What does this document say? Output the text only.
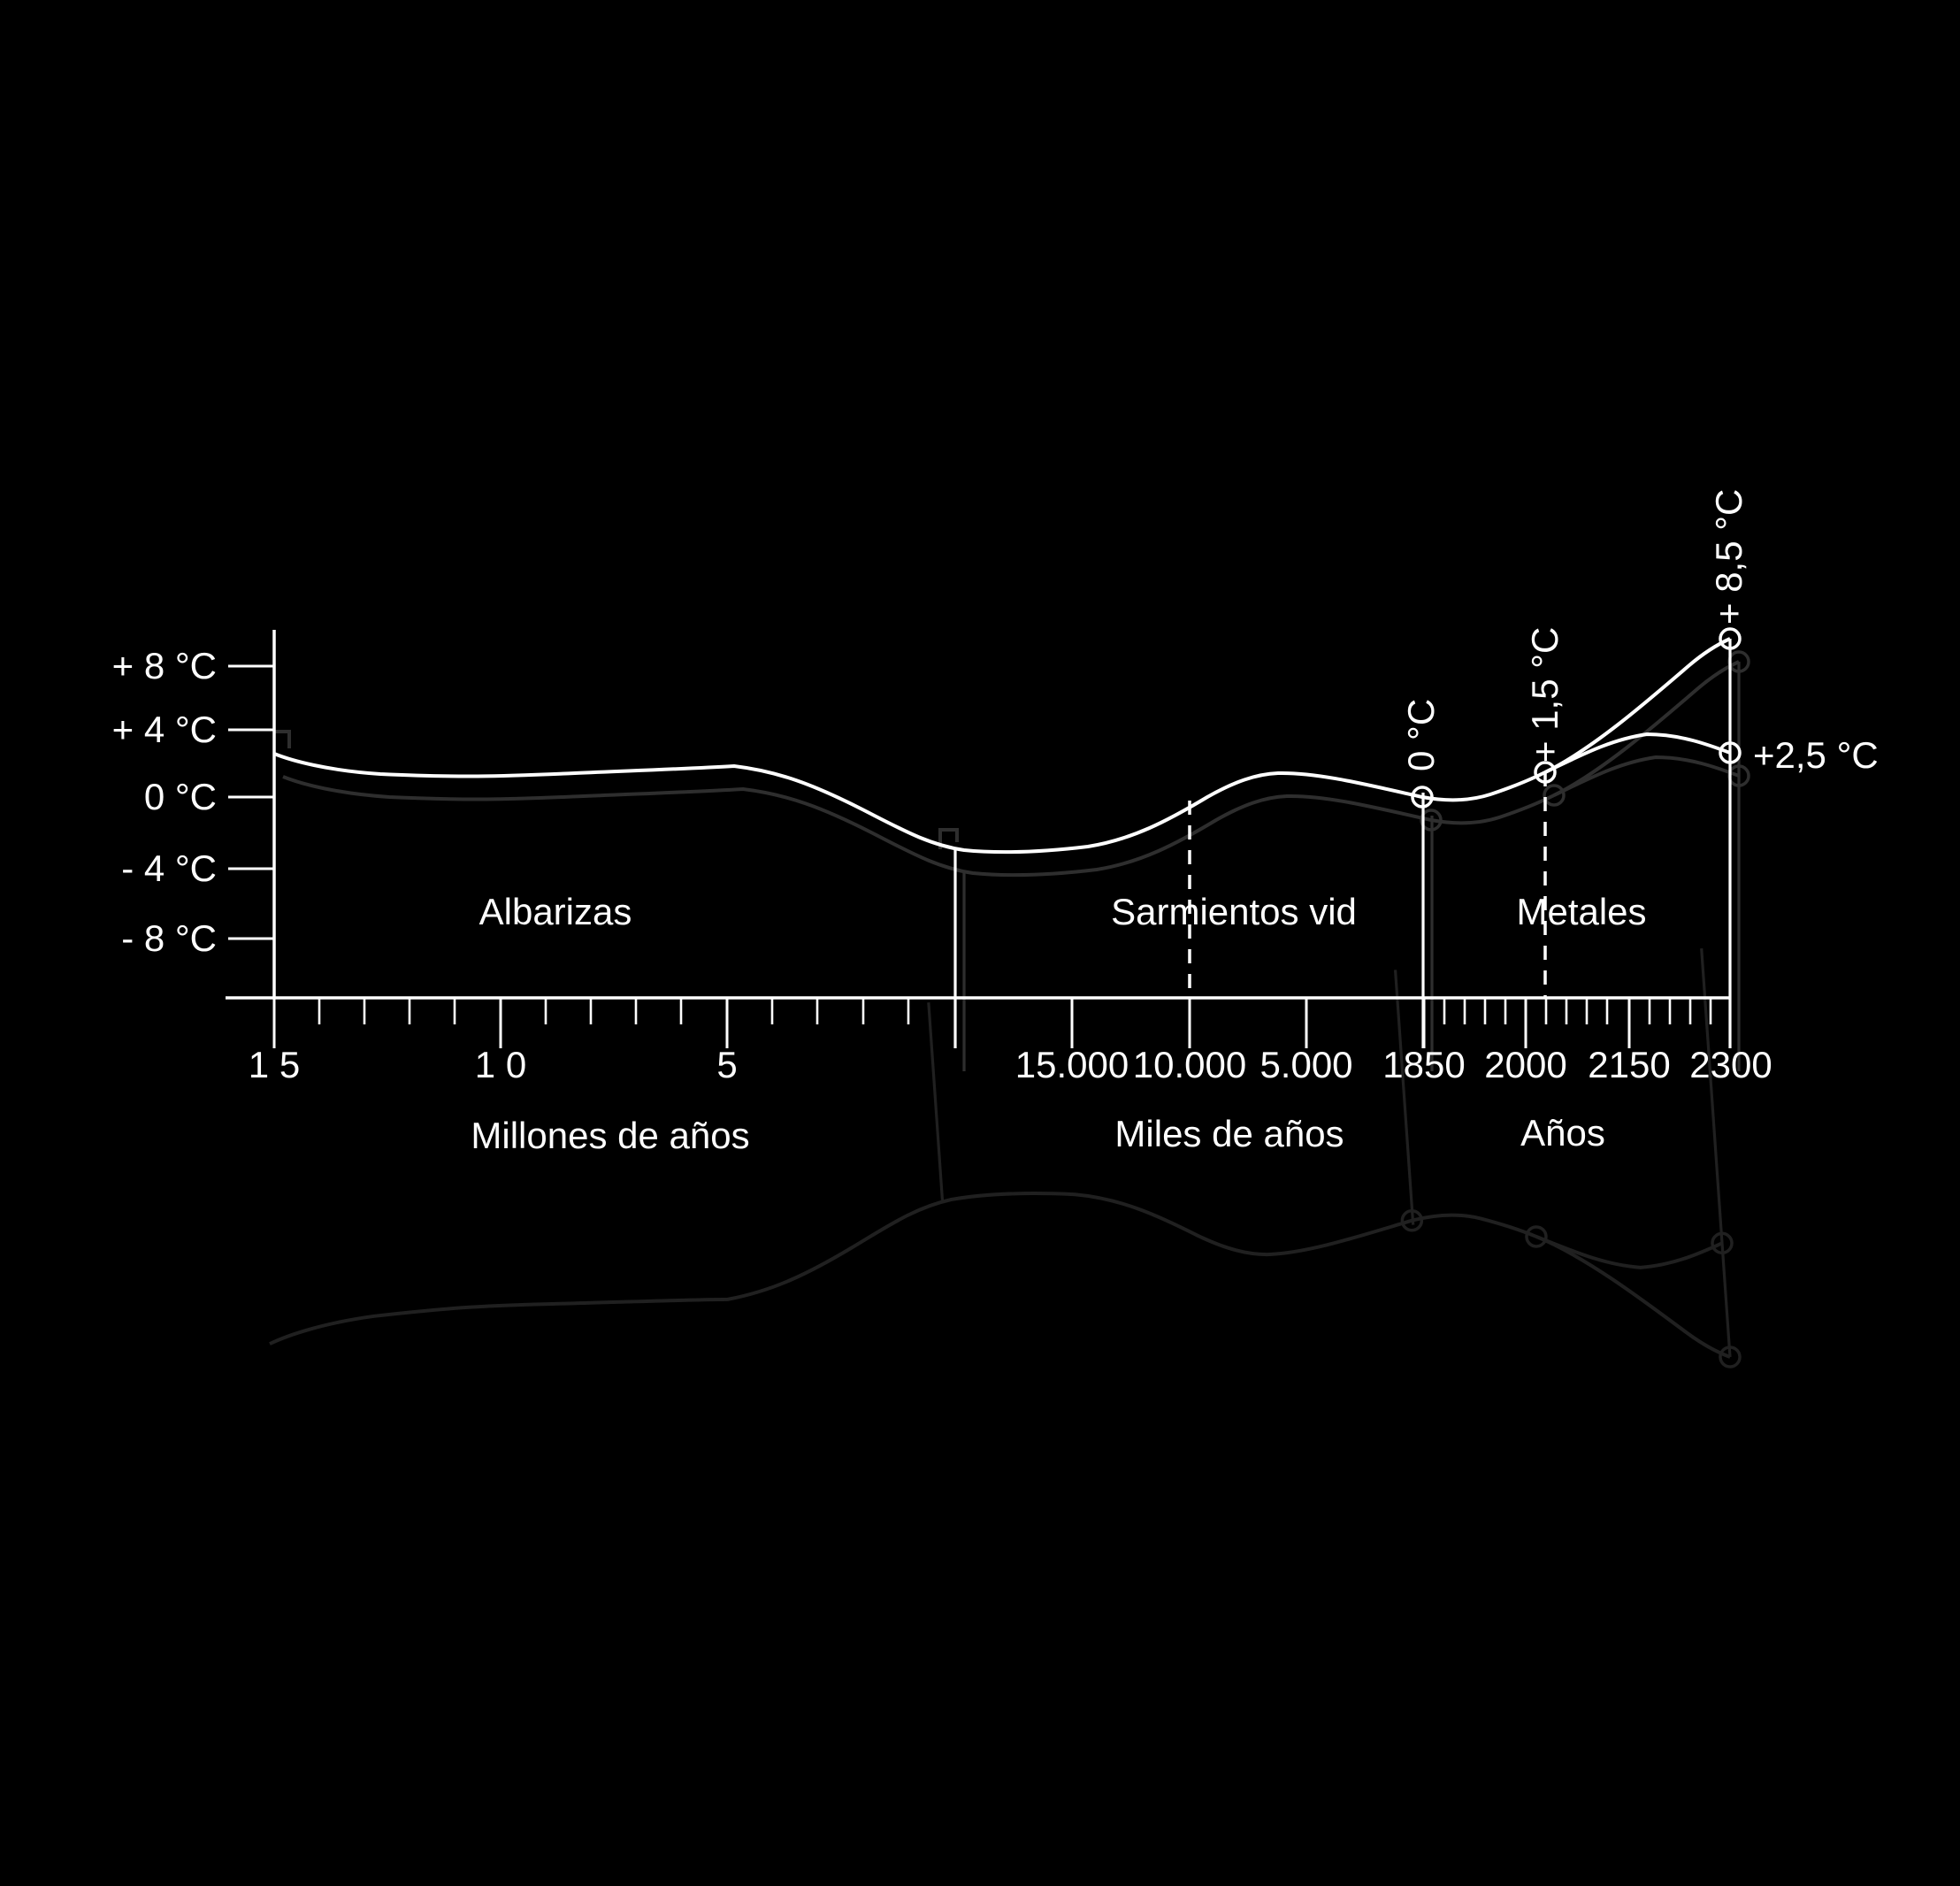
+ 8 °C
+ 4 °C
0 °C
- 4 °C
- 8 °C
1 5	1 0	5	15.000 10.000 5.000 1850 2000 2150 2300
Millones de años	Miles de años	Años
Albarizas	Sarmientos vid	Metales
0 °C + 1,5 °C
+ 8,5 °C
+2,5 °C
